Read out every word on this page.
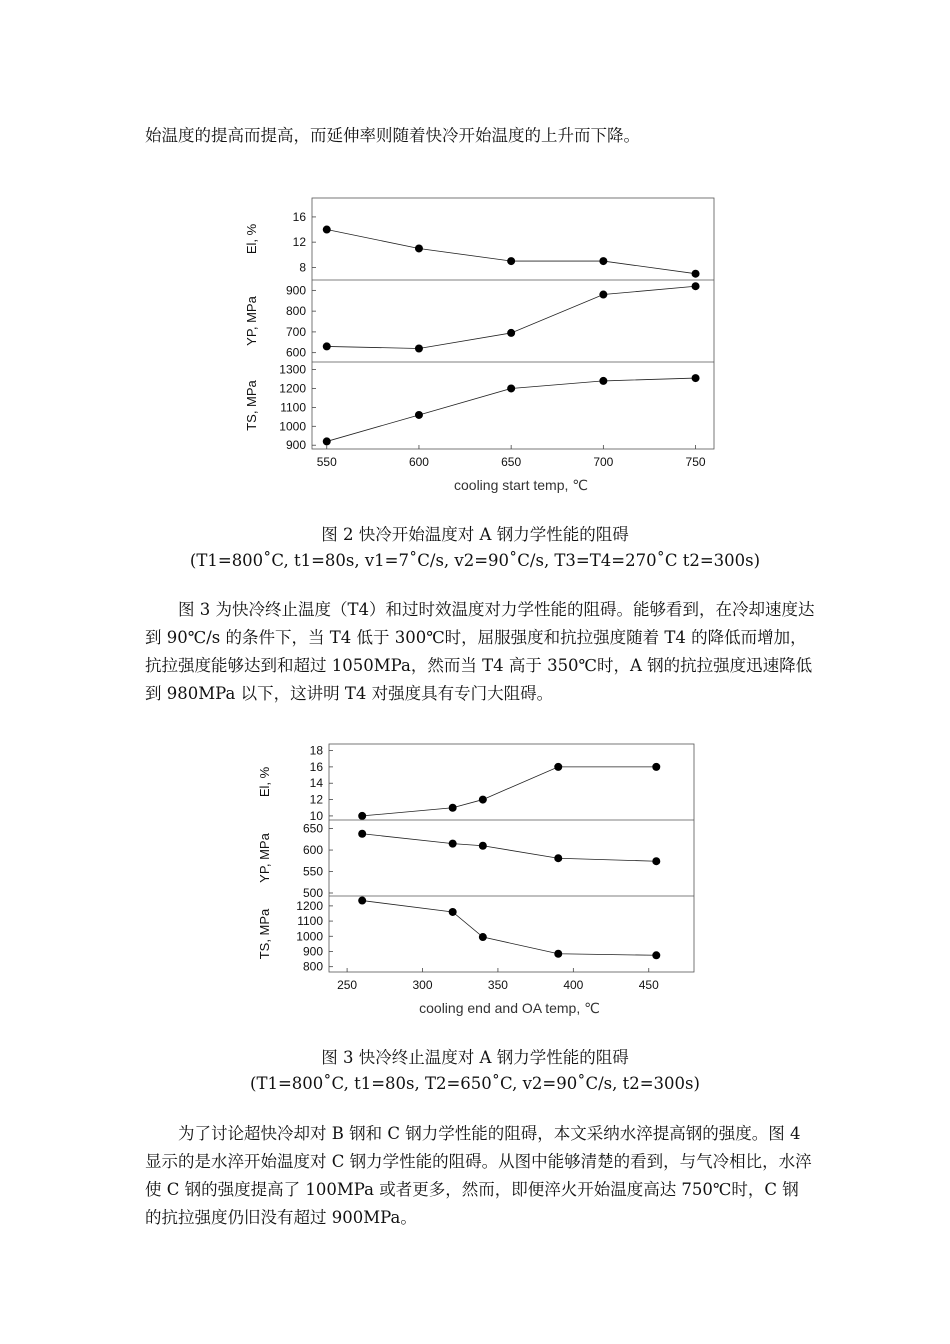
始温度的提高而提高，而延伸率则随着快冷开始温度的上升而下降。

8
12
16
El, %
600
700
800
900
YP, MPa
900
1000
1100
1200
1300
TS, MPa
550	600	650	700	750
cooling start temp, ℃
图 2 快冷开始温度对 A 钢力学性能的阻碍
(T1=800˚C, t1=80s, v1=7˚C/s, v2=90˚C/s, T3=T4=270˚C t2=300s)

图 3 为快冷终止温度（T4）和过时效温度对力学性能的阻碍。能够看到，在冷却速度达到 90℃/s 的条件下，当 T4 低于 300℃时，屈服强度和抗拉强度随着 T4 的降低而增加，抗拉强度能够达到和超过 1050MPa，然而当 T4 高于 350℃时，A 钢的抗拉强度迅速降低到 980MPa 以下，这讲明 T4 对强度具有专门大阻碍。

10
12
14
16
18
El, %
500
550
600
650
YP, MPa
800
900
1000
1100
1200
TS, MPa
250	300	350	400	450
cooling end and OA temp, ℃
图 3 快冷终止温度对 A 钢力学性能的阻碍
(T1=800˚C, t1=80s, T2=650˚C, v2=90˚C/s, t2=300s)

为了讨论超快冷却对 B 钢和 C 钢力学性能的阻碍，本文采纳水淬提高钢的强度。图 4 显示的是水淬开始温度对 C 钢力学性能的阻碍。从图中能够清楚的看到，与气冷相比，水淬使 C 钢的强度提高了 100MPa 或者更多，然而，即便淬火开始温度高达 750℃时，C 钢的抗拉强度仍旧没有超过 900MPa。
